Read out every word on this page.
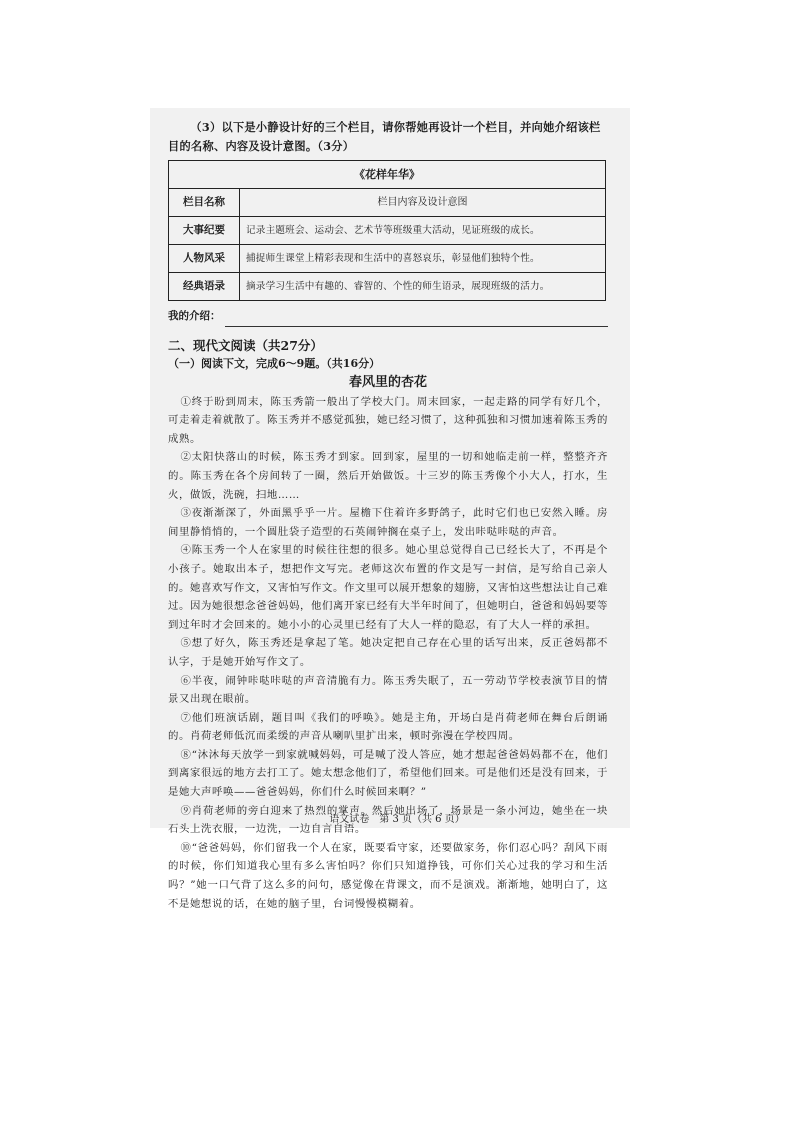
（3）以下是小静设计好的三个栏目，请你帮她再设计一个栏目，并向她介绍该栏目的名称、内容及设计意图。（3分）

《花样年华》	
栏目名称	栏目内容及设计意图
大事纪要	记录主题班会、运动会、艺术节等班级重大活动，见证班级的成长。
人物风采	捕捉师生课堂上精彩表现和生活中的喜怒哀乐，彰显他们独特个性。
经典语录	摘录学习生活中有趣的、睿智的、个性的师生语录，展现班级的活力。
我的介绍：
二、现代文阅读（共27分）
（一）阅读下文，完成6～9题。（共16分）
春风里的杏花

①终于盼到周末，陈玉秀箭一般出了学校大门。周末回家，一起走路的同学有好几个，可走着走着就散了。陈玉秀并不感觉孤独，她已经习惯了，这种孤独和习惯加速着陈玉秀的成熟。

②太阳快落山的时候，陈玉秀才到家。回到家，屋里的一切和她临走前一样，整整齐齐的。陈玉秀在各个房间转了一圈，然后开始做饭。十三岁的陈玉秀像个小大人，打水，生火，做饭，洗碗，扫地……

③夜渐渐深了，外面黑乎乎一片。屋檐下住着许多野鸽子，此时它们也已安然入睡。房间里静悄悄的，一个圆肚袋子造型的石英闹钟搁在桌子上，发出咔哒咔哒的声音。

④陈玉秀一个人在家里的时候往往想的很多。她心里总觉得自己已经长大了，不再是个小孩子。她取出本子，想把作文写完。老师这次布置的作文是写一封信，是写给自己亲人的。她喜欢写作文，又害怕写作文。作文里可以展开想象的翅膀，又害怕这些想法让自己难过。因为她很想念爸爸妈妈，他们离开家已经有大半年时间了，但她明白，爸爸和妈妈要等到过年时才会回来的。她小小的心灵里已经有了大人一样的隐忍，有了大人一样的承担。

⑤想了好久，陈玉秀还是拿起了笔。她决定把自己存在心里的话写出来，反正爸妈都不认字，于是她开始写作文了。

⑥半夜，闹钟咔哒咔哒的声音清脆有力。陈玉秀失眠了，五一劳动节学校表演节目的情景又出现在眼前。

⑦他们班演话剧，题目叫《我们的呼唤》。她是主角，开场白是肖荷老师在舞台后朗诵的。肖荷老师低沉而柔缓的声音从喇叭里扩出来，顿时弥漫在学校四周。

⑧“沐沐每天放学一到家就喊妈妈，可是喊了没人答应，她才想起爸爸妈妈都不在，他们到离家很远的地方去打工了。她太想念他们了，希望他们回来。可是他们还是没有回来，于是她大声呼唤——爸爸妈妈，你们什么时候回来啊？”

⑨肖荷老师的旁白迎来了热烈的掌声。然后她出场了，场景是一条小河边，她坐在一块石头上洗衣服，一边洗，一边自言自语。

⑩“爸爸妈妈，你们留我一个人在家，既要看守家，还要做家务，你们忍心吗？刮风下雨的时候，你们知道我心里有多么害怕吗？你们只知道挣钱，可你们关心过我的学习和生活吗？”她一口气背了这么多的问句，感觉像在背课文，而不是演戏。渐渐地，她明白了，这不是她想说的话，在她的脑子里，台词慢慢模糊着。

语文试卷　第 3 页（共 6 页）
